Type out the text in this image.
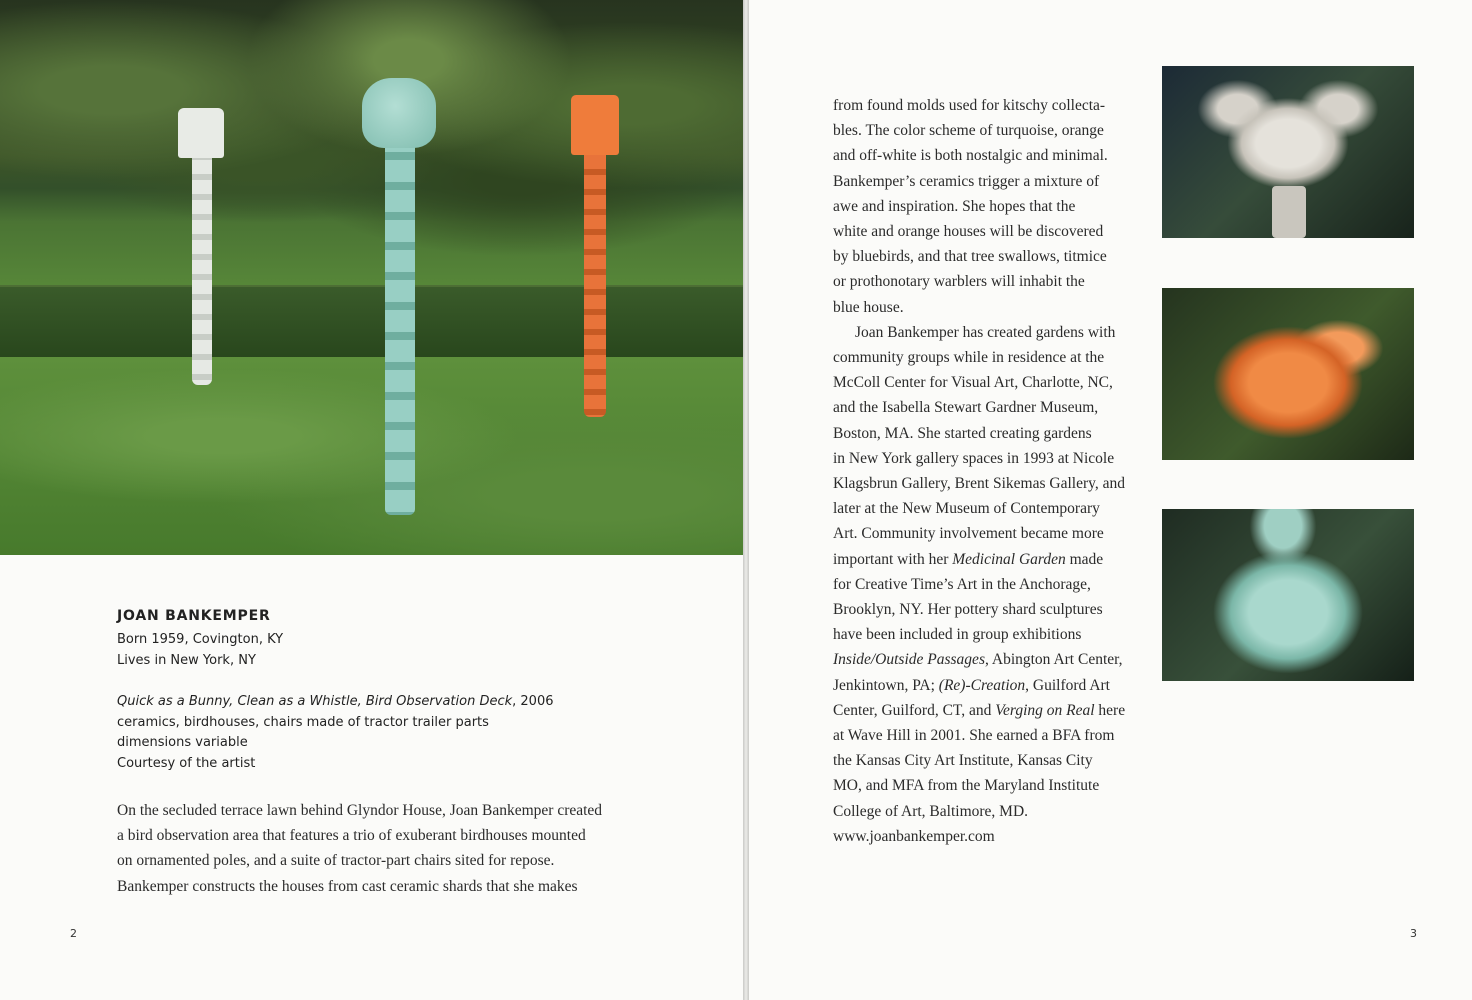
JOAN BANKEMPER
Born 1959, Covington, KY
Lives in New York, NY
Quick as a Bunny, Clean as a Whistle, Bird Observation Deck, 2006
ceramics, birdhouses, chairs made of tractor trailer parts
dimensions variable
Courtesy of the artist
On the secluded terrace lawn behind Glyndor House, Joan Bankemper created
a bird observation area that features a trio of exuberant birdhouses mounted
on ornamented poles, and a suite of tractor-part chairs sited for repose.
Bankemper constructs the houses from cast ceramic shards that she makes
2
from found molds used for kitschy collecta-
bles. The color scheme of turquoise, orange
and off-white is both nostalgic and minimal.
Bankemper’s ceramics trigger a mixture of
awe and inspiration. She hopes that the
white and orange houses will be discovered
by bluebirds, and that tree swallows, titmice
or prothonotary warblers will inhabit the
blue house.
Joan Bankemper has created gardens with
community groups while in residence at the
McColl Center for Visual Art, Charlotte, NC,
and the Isabella Stewart Gardner Museum,
Boston, MA. She started creating gardens
in New York gallery spaces in 1993 at Nicole
Klagsbrun Gallery, Brent Sikemas Gallery, and
later at the New Museum of Contemporary
Art. Community involvement became more
important with her Medicinal Garden made
for Creative Time’s Art in the Anchorage,
Brooklyn, NY. Her pottery shard sculptures
have been included in group exhibitions
Inside/Outside Passages, Abington Art Center,
Jenkintown, PA; (Re)-Creation, Guilford Art
Center, Guilford, CT, and Verging on Real here
at Wave Hill in 2001. She earned a BFA from
the Kansas City Art Institute, Kansas City
MO, and MFA from the Maryland Institute
College of Art, Baltimore, MD.
www.joanbankemper.com
3
